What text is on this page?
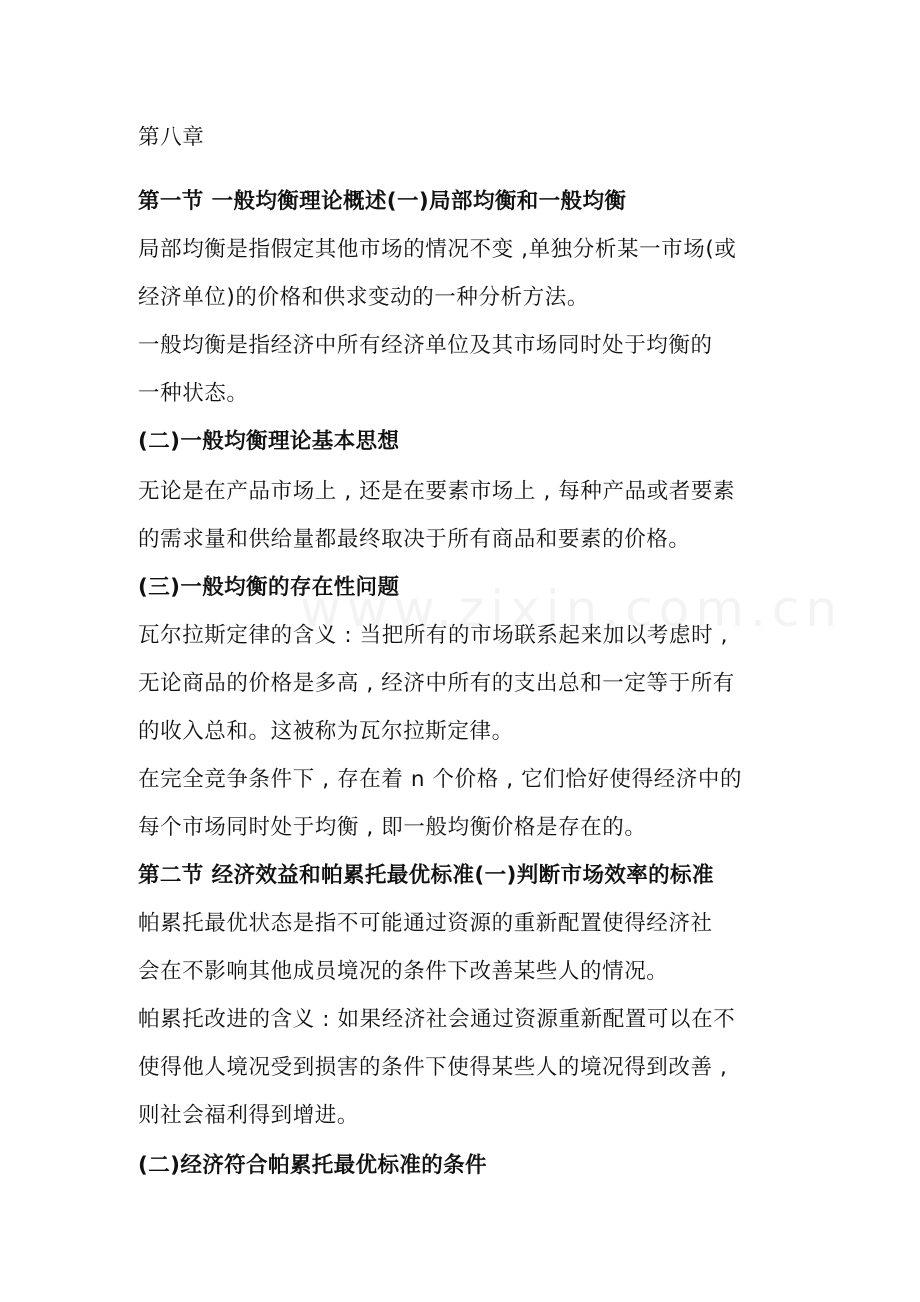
第八章
第一节 一般均衡理论概述(一)局部均衡和一般均衡
局部均衡是指假定其他市场的情况不变 ,单独分析某一市场(或
经济单位)的价格和供求变动的一种分析方法。
一般均衡是指经济中所有经济单位及其市场同时处于均衡的
一种状态。
(二)一般均衡理论基本思想
无论是在产品市场上 , 还是在要素市场上 , 每种产品或者要素
的需求量和供给量都最终取决于所有商品和要素的价格。
(三)一般均衡的存在性问题
瓦尔拉斯定律的含义 : 当把所有的市场联系起来加以考虑时 ,
无论商品的价格是多高 , 经济中所有的支出总和一定等于所有
的收入总和。这被称为瓦尔拉斯定律。
在完全竞争条件下 , 存在着 n 个价格 , 它们恰好使得经济中的
每个市场同时处于均衡 , 即一般均衡价格是存在的。
第二节 经济效益和帕累托最优标准(一)判断市场效率的标准
帕累托最优状态是指不可能通过资源的重新配置使得经济社
会在不影响其他成员境况的条件下改善某些人的情况。
帕累托改进的含义 : 如果经济社会通过资源重新配置可以在不
使得他人境况受到损害的条件下使得某些人的境况得到改善 ,
则社会福利得到增进。
(二)经济符合帕累托最优标准的条件
